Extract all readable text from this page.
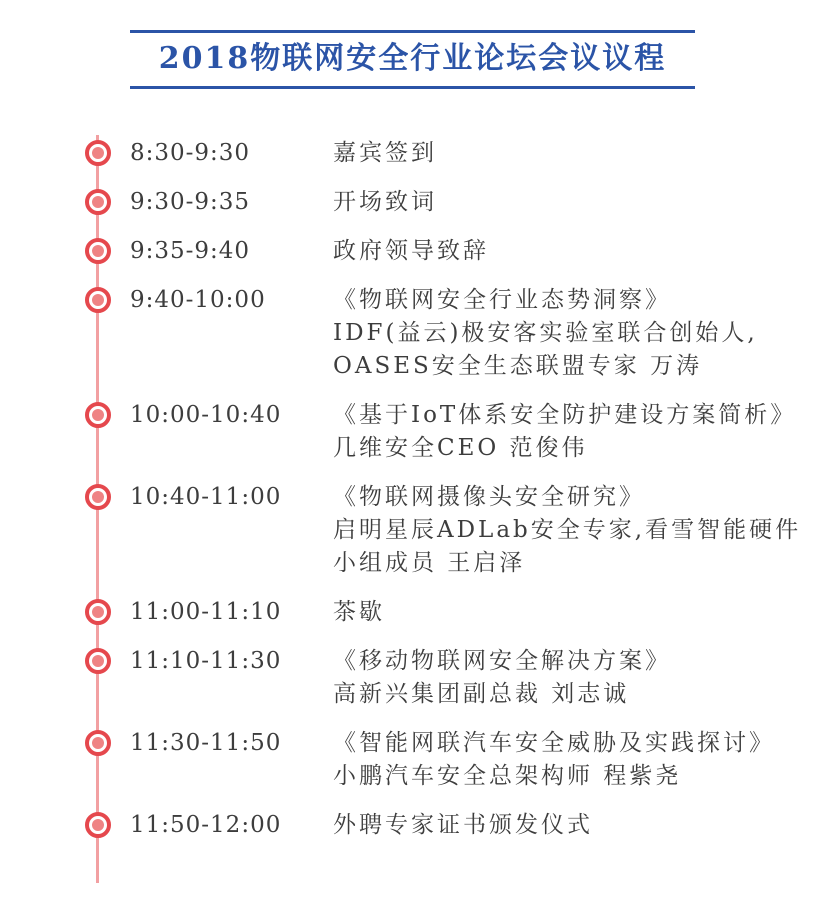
2018物联网安全行业论坛会议议程
8:30-9:30	嘉宾签到
9:30-9:35	开场致词
9:35-9:40	政府领导致辞
9:40-10:00	《物联网安全行业态势洞察》
IDF(益云)极安客实验室联合创始人,
OASES安全生态联盟专家 万涛
10:00-10:40	《基于IoT体系安全防护建设方案简析》
几维安全CEO 范俊伟
10:40-11:00	《物联网摄像头安全研究》
启明星辰ADLab安全专家,看雪智能硬件
小组成员 王启泽
11:00-11:10	茶歇
11:10-11:30	《移动物联网安全解决方案》
高新兴集团副总裁 刘志诚
11:30-11:50	《智能网联汽车安全威胁及实践探讨》
小鹏汽车安全总架构师 程紫尧
11:50-12:00	外聘专家证书颁发仪式
